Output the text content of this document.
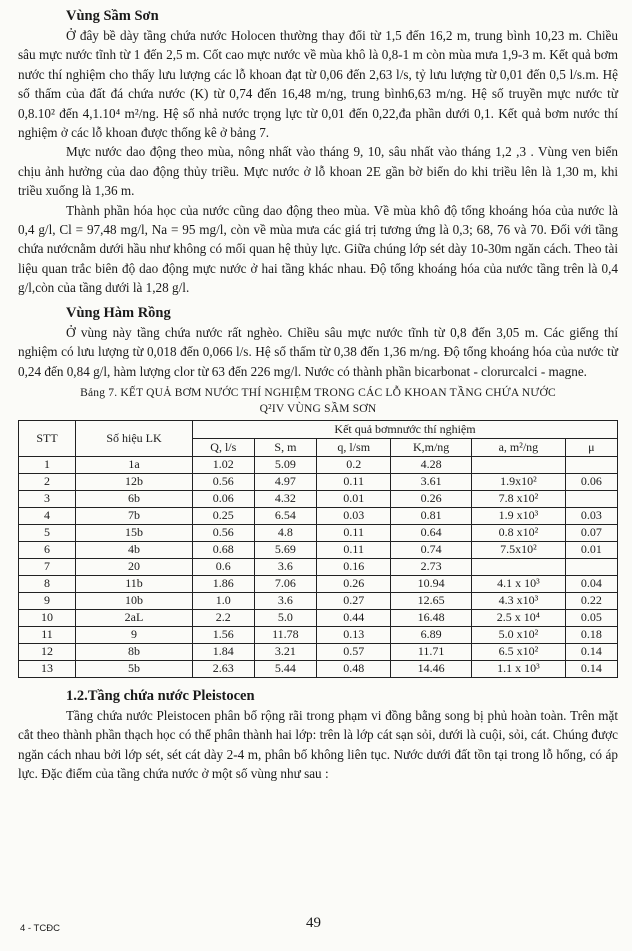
Vùng Sầm Sơn

Ở đây bề dày tầng chứa nước Holocen thường thay đổi từ 1,5 đến 16,2 m, trung bình 10,23 m. Chiều sâu mực nước tĩnh từ 1 đến 2,5 m. Cốt cao mực nước về mùa khô là 0,8-1 m còn mùa mưa 1,9-3 m. Kết quả bơm nước thí nghiệm cho thấy lưu lượng các lỗ khoan đạt từ 0,06 đến 2,63 l/s, tỷ lưu lượng từ 0,01 đến 0,5 l/s.m. Hệ số thấm của đất đá chứa nước (K) từ 0,74 đến 16,48 m/ng, trung bình6,63 m/ng. Hệ số truyền mực nước từ 0,8.10² đến 4,1.10⁴ m²/ng. Hệ số nhả nước trọng lực từ 0,01 đến 0,22,đa phần dưới 0,1. Kết quả bơm nước thí nghiệm ở các lỗ khoan được thống kê ở bảng 7.

Mực nước dao động theo mùa, nông nhất vào tháng 9, 10, sâu nhất vào tháng 1,2 ,3 . Vùng ven biển chịu ảnh hưởng của dao động thủy triều. Mực nước ở lỗ khoan 2E gần bờ biển do khi triều lên là 1,30 m, khi triều xuống là 1,36 m.

Thành phần hóa học của nước cũng dao động theo mùa. Về mùa khô độ tổng khoáng hóa của nước là 0,4 g/l, Cl = 97,48 mg/l, Na = 95 mg/l, còn về mùa mưa các giá trị tương ứng là 0,3; 68, 76 và 70. Đối với tầng chứa nướcnằm dưới hầu như không có mối quan hệ thủy lực. Giữa chúng lớp sét dày 10-30m ngăn cách. Theo tài liệu quan trắc biên độ dao động mực nước ở hai tầng khác nhau. Độ tổng khoáng hóa của nước tầng trên là 0,4 g/l,còn của tầng dưới là 1,28 g/l.

Vùng Hàm Rồng

Ở vùng này tầng chứa nước rất nghèo. Chiều sâu mực nước tĩnh từ 0,8 đến 3,05 m. Các giếng thí nghiệm có lưu lượng từ 0,018 đến 0,066 l/s. Hệ số thấm từ 0,38 đến 1,36 m/ng. Độ tổng khoáng hóa của nước từ 0,24 đến 0,84 g/l, hàm lượng clor từ 63 đến 226 mg/l. Nước có thành phần bicarbonat - clorurcalci - magne.

Bảng 7. KẾT QUẢ BƠM NƯỚC THÍ NGHIỆM TRONG CÁC LỖ KHOAN TẦNG CHỨA NƯỚC
Q²IV VÙNG SẦM SƠN
STT	Số hiệu LK	Kết quả bơmnước thí nghiệm					
		Q, l/s	S, m	q, l/sm	K,m/ng	a, m²/ng	μ
1	1a	1.02	5.09	0.2	4.28		
2	12b	0.56	4.97	0.11	3.61	1.9x10²	0.06
3	6b	0.06	4.32	0.01	0.26	7.8 x10²	
4	7b	0.25	6.54	0.03	0.81	1.9 x10³	0.03
5	15b	0.56	4.8	0.11	0.64	0.8 x10²	0.07
6	4b	0.68	5.69	0.11	0.74	7.5x10²	0.01
7	20	0.6	3.6	0.16	2.73		
8	11b	1.86	7.06	0.26	10.94	4.1 x 10³	0.04
9	10b	1.0	3.6	0.27	12.65	4.3 x10³	0.22
10	2aL	2.2	5.0	0.44	16.48	2.5 x 10⁴	0.05
11	9	1.56	11.78	0.13	6.89	5.0 x10²	0.18
12	8b	1.84	3.21	0.57	11.71	6.5 x10²	0.14
13	5b	2.63	5.44	0.48	14.46	1.1 x 10³	0.14
1.2.Tầng chứa nước Pleistocen

Tầng chứa nước Pleistocen phân bố rộng rãi trong phạm vi đồng bằng song bị phủ hoàn toàn. Trên mặt cắt theo thành phần thạch học có thể phân thành hai lớp: trên là lớp cát sạn sỏi, dưới là cuội, sỏi, cát. Chúng được ngăn cách nhau bởi lớp sét, sét cát dày 2-4 m, phân bố không liên tục. Nước dưới đất tồn tại trong lỗ hổng, có áp lực. Đặc điểm của tầng chứa nước ở một số vùng như sau :

4 - TCĐC	49
